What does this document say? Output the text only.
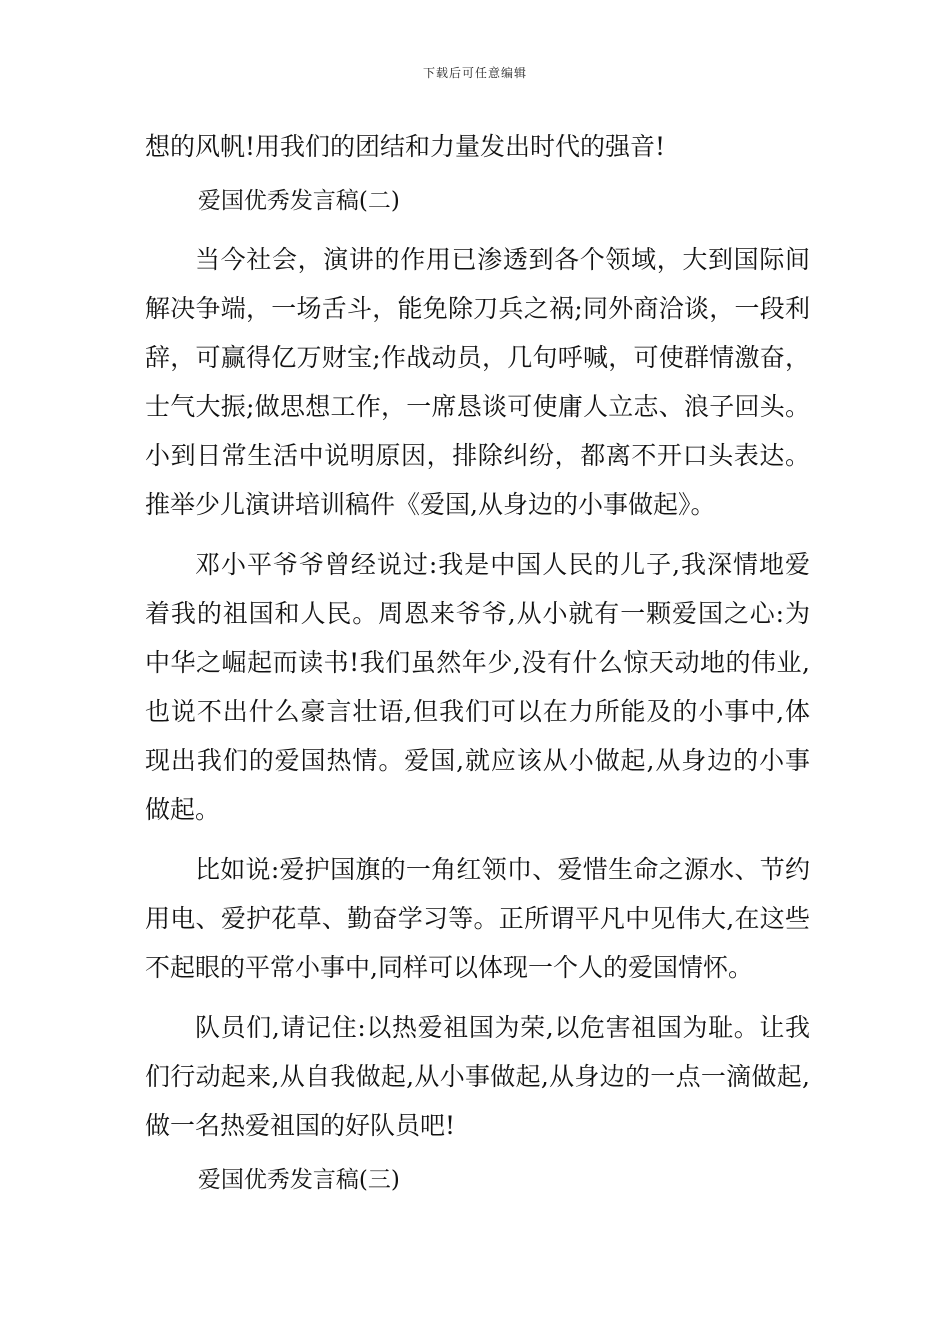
下载后可任意编辑

想的风帆!用我们的团结和力量发出时代的强音!

爱国优秀发言稿(二)

当今社会，演讲的作用已渗透到各个领域，大到国际间解决争端，一场舌斗，能免除刀兵之祸;同外商洽谈，一段利辞，可赢得亿万财宝;作战动员，几句呼喊，可使群情激奋，士气大振;做思想工作，一席恳谈可使庸人立志、浪子回头。小到日常生活中说明原因，排除纠纷，都离不开口头表达。推举少儿演讲培训稿件《爱国,从身边的小事做起》。

邓小平爷爷曾经说过:我是中国人民的儿子,我深情地爱着我的祖国和人民。周恩来爷爷,从小就有一颗爱国之心:为中华之崛起而读书!我们虽然年少,没有什么惊天动地的伟业,也说不出什么豪言壮语,但我们可以在力所能及的小事中,体现出我们的爱国热情。爱国,就应该从小做起,从身边的小事做起。

比如说:爱护国旗的一角红领巾、爱惜生命之源水、节约用电、爱护花草、勤奋学习等。正所谓平凡中见伟大,在这些不起眼的平常小事中,同样可以体现一个人的爱国情怀。

队员们,请记住:以热爱祖国为荣,以危害祖国为耻。让我们行动起来,从自我做起,从小事做起,从身边的一点一滴做起,做一名热爱祖国的好队员吧!

爱国优秀发言稿(三)
